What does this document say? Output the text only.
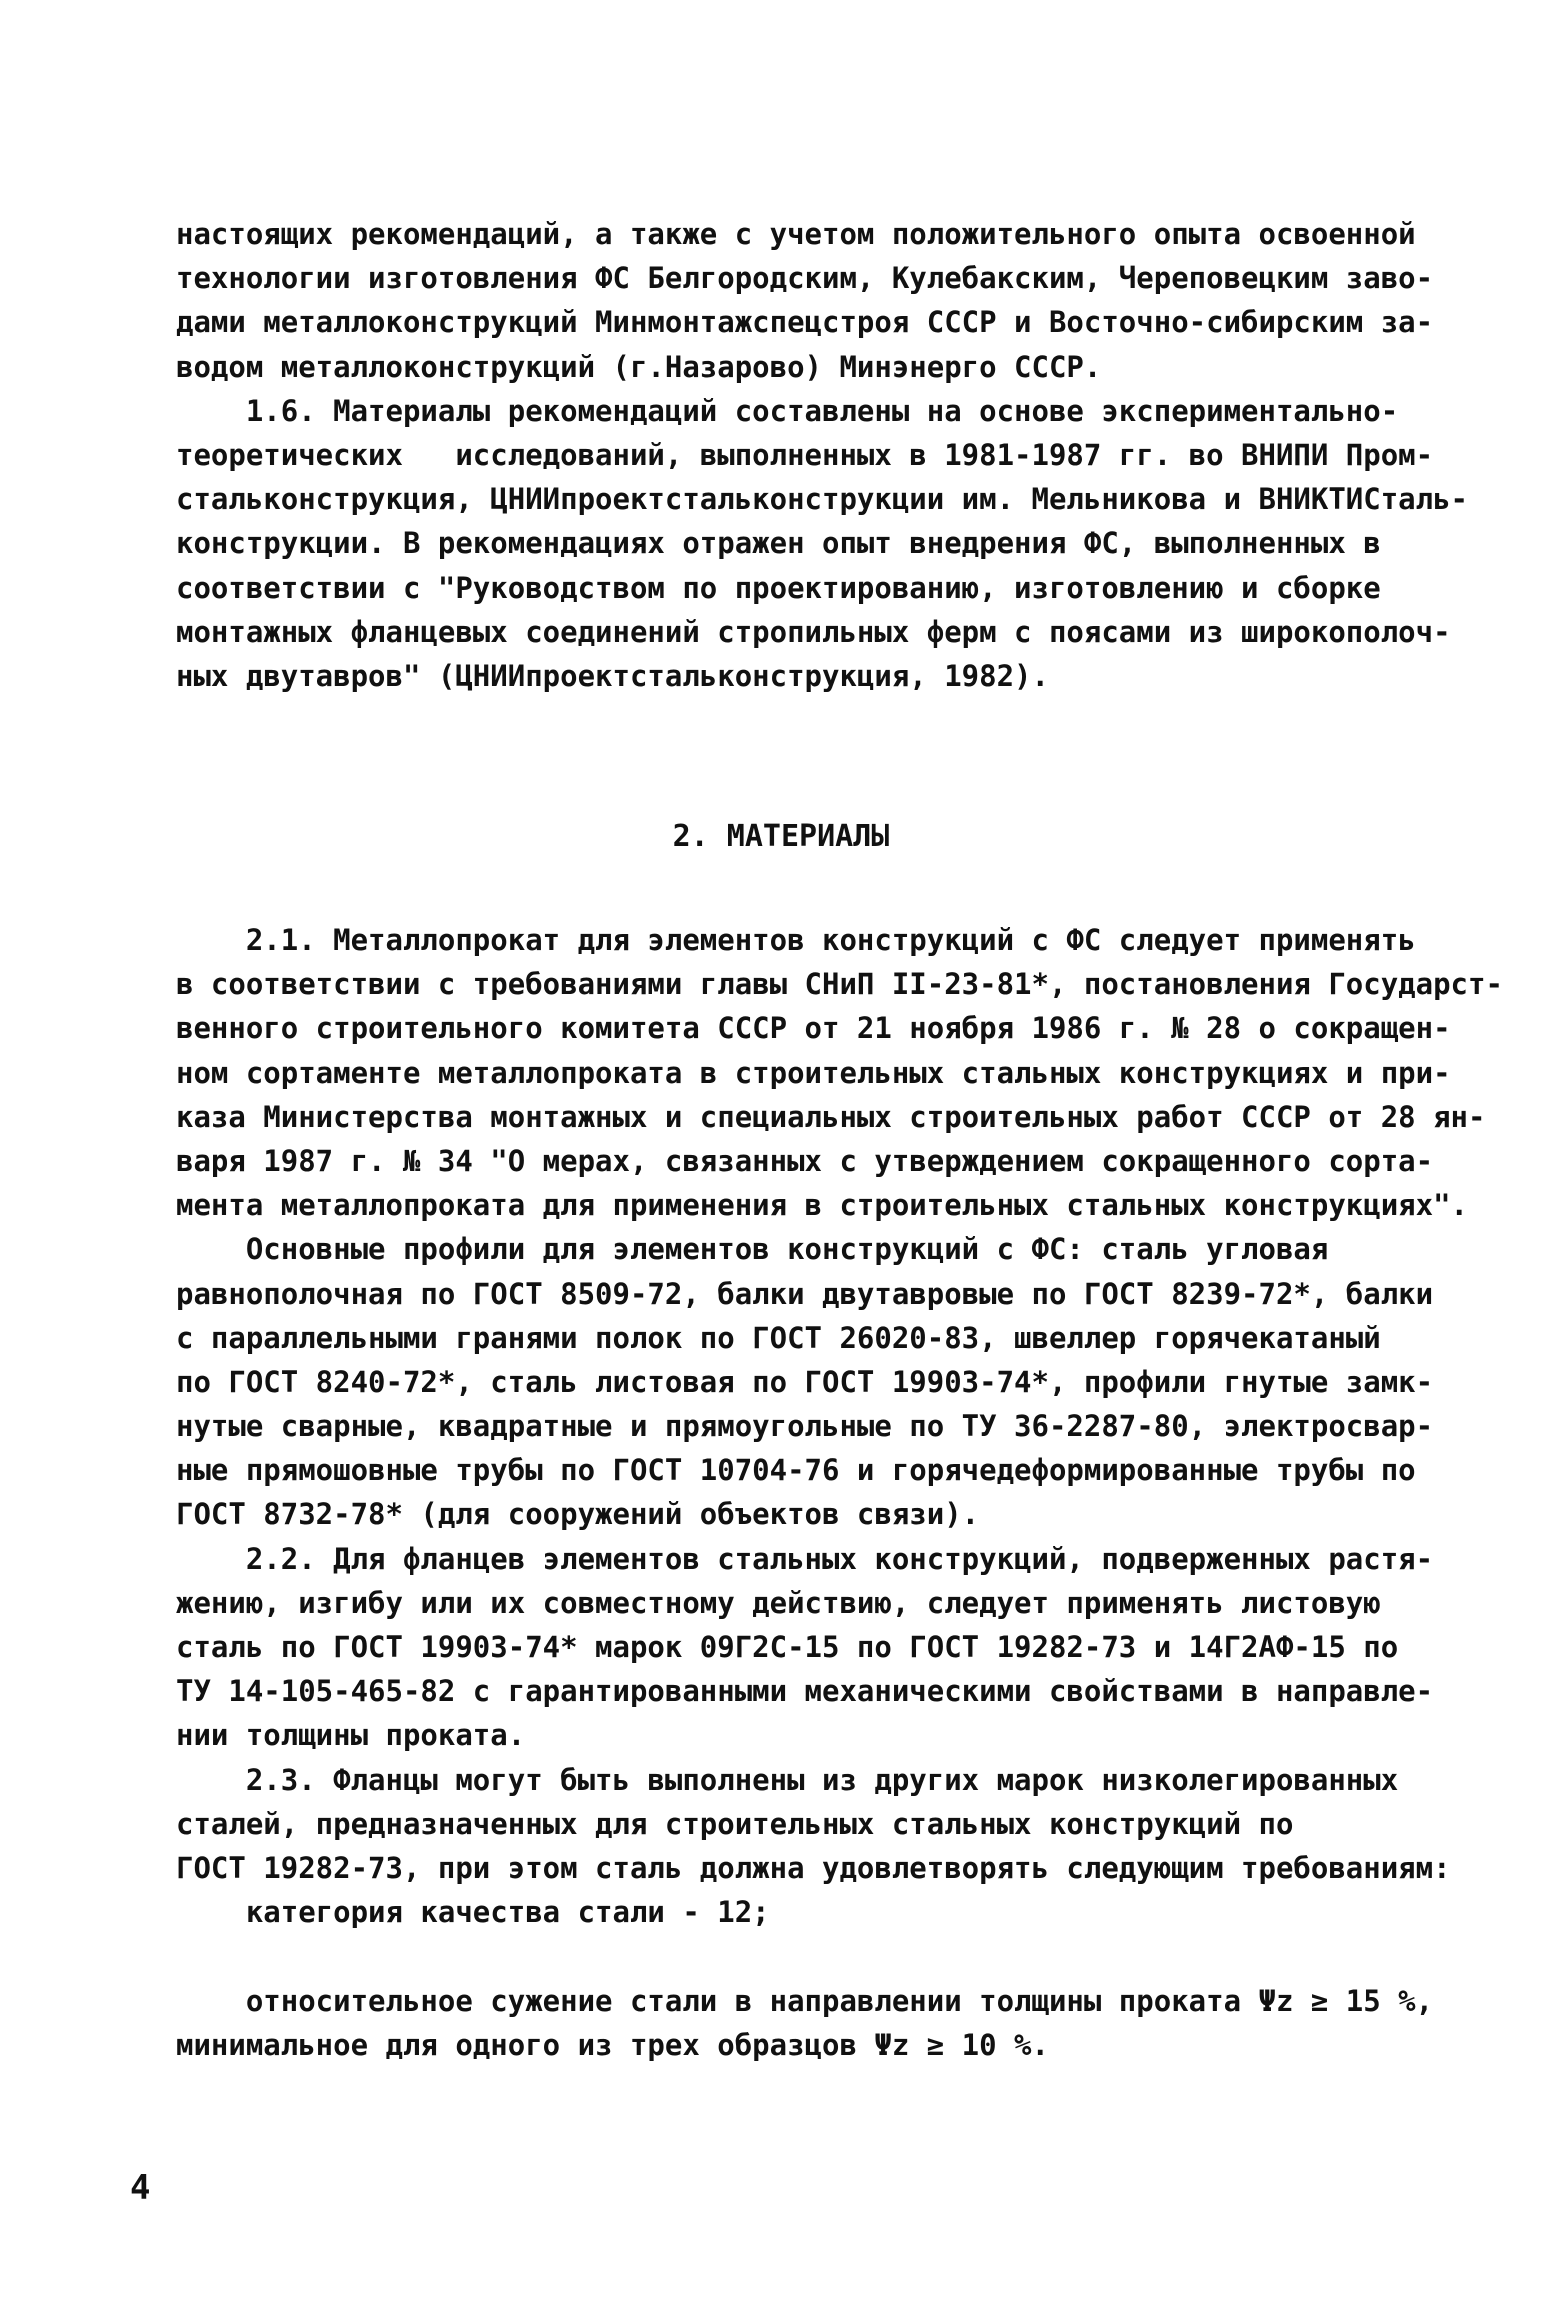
настоящих рекомендаций, а также с учетом положительного опыта освоенной
технологии изготовления ФС Белгородским, Кулебакским, Череповецким заво-
дами металлоконструкций Минмонтажспецстроя СССР и Восточно-сибирским за-
водом металлоконструкций (г.Назарово) Минэнерго СССР.
1.6. Материалы рекомендаций составлены на основе экспериментально-
теоретических   исследований, выполненных в 1981-1987 гг. во ВНИПИ Пром-
стальконструкция, ЦНИИпроектстальконструкции им. Мельникова и ВНИКТИСталь-
конструкции. В рекомендациях отражен опыт внедрения ФС, выполненных в
соответствии с "Руководством по проектированию, изготовлению и сборке
монтажных фланцевых соединений стропильных ферм с поясами из широкополоч-
ных двутавров" (ЦНИИпроектстальконструкция, 1982).
2. МАТЕРИАЛЫ
2.1. Металлопрокат для элементов конструкций с ФС следует применять
в соответствии с требованиями главы СНиП II-23-81*, постановления Государст-
венного строительного комитета СССР от 21 ноября 1986 г. № 28 о сокращен-
ном сортаменте металлопроката в строительных стальных конструкциях и при-
каза Министерства монтажных и специальных строительных работ СССР от 28 ян-
варя 1987 г. № 34 "О мерах, связанных с утверждением сокращенного сорта-
мента металлопроката для применения в строительных стальных конструкциях".
Основные профили для элементов конструкций с ФС: сталь угловая
равнополочная по ГОСТ 8509-72, балки двутавровые по ГОСТ 8239-72*, балки
с параллельными гранями полок по ГОСТ 26020-83, швеллер горячекатаный
по ГОСТ 8240-72*, сталь листовая по ГОСТ 19903-74*, профили гнутые замк-
нутые сварные, квадратные и прямоугольные по ТУ 36-2287-80, электросвар-
ные прямошовные трубы по ГОСТ 10704-76 и горячедеформированные трубы по
ГОСТ 8732-78* (для сооружений объектов связи).
2.2. Для фланцев элементов стальных конструкций, подверженных растя-
жению, изгибу или их совместному действию, следует применять листовую
сталь по ГОСТ 19903-74* марок 09Г2С-15 по ГОСТ 19282-73 и 14Г2АФ-15 по
ТУ 14-105-465-82 с гарантированными механическими свойствами в направле-
нии толщины проката.
2.3. Фланцы могут быть выполнены из других марок низколегированных
сталей, предназначенных для строительных стальных конструкций по
ГОСТ 19282-73, при этом сталь должна удовлетворять следующим требованиям:
категория качества стали - 12;
относительное сужение стали в направлении толщины проката Ψz ≥ 15 %,
минимальное для одного из трех образцов Ψz ≥ 10 %.
4
